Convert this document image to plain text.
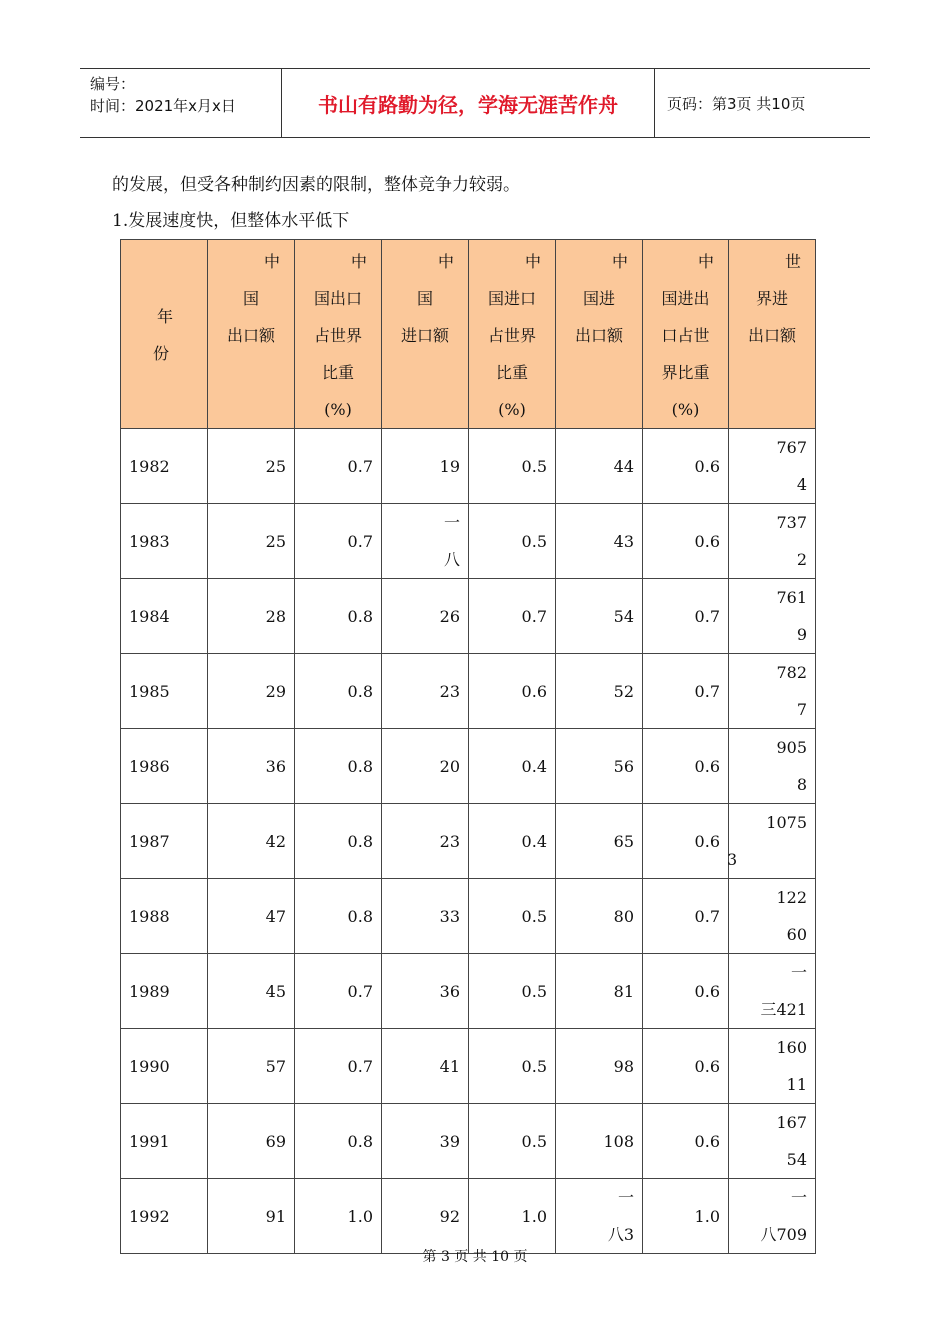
编号：
时间：2021年x月x日	书山有路勤为径，学海无涯苦作舟	页码：第3页 共10页
的发展，但受各种制约因素的限制，整体竞争力较弱。
1.发展速度快，但整体水平低下
年
份	中
国
出口额	中
国出口
占世界
比重
(%)	中
国
进口额	中
国进口
占世界
比重
(%)	中
国进
出口额	中
国进出
口占世
界比重
(%)	世
界进
出口额

1982	25	0.7	19	0.5	44	0.6	767
4

1983	25	0.7	一
八	0.5	43	0.6	737
2

1984	28	0.8	26	0.7	54	0.7	761
9

1985	29	0.8	23	0.6	52	0.7	782
7

1986	36	0.8	20	0.4	56	0.6	905
8

1987	42	0.8	23	0.4	65	0.6	1075
3

1988	47	0.8	33	0.5	80	0.7	122
60

1989	45	0.7	36	0.5	81	0.6	一
三421

1990	57	0.7	41	0.5	98	0.6	160
11

1991	69	0.8	39	0.5	108	0.6	167
54

1992	91	1.0	92	1.0	一
八3	1.0	一
八709
第 3 页 共 10 页
